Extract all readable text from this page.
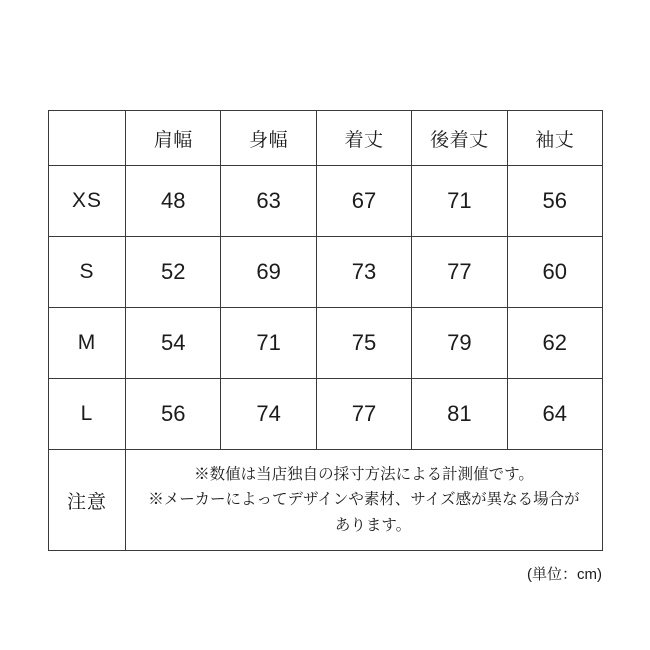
	肩幅	身幅	着丈	後着丈	袖丈
XS	48	63	67	71	56
S	52	69	73	77	60
M	54	71	75	79	62
L	56	74	77	81	64
注意	※数値は当店独自の採寸方法による計測値です。
※メーカーによってデザインや素材、サイズ感が異なる場合が
あります。				
(単位：cm)
